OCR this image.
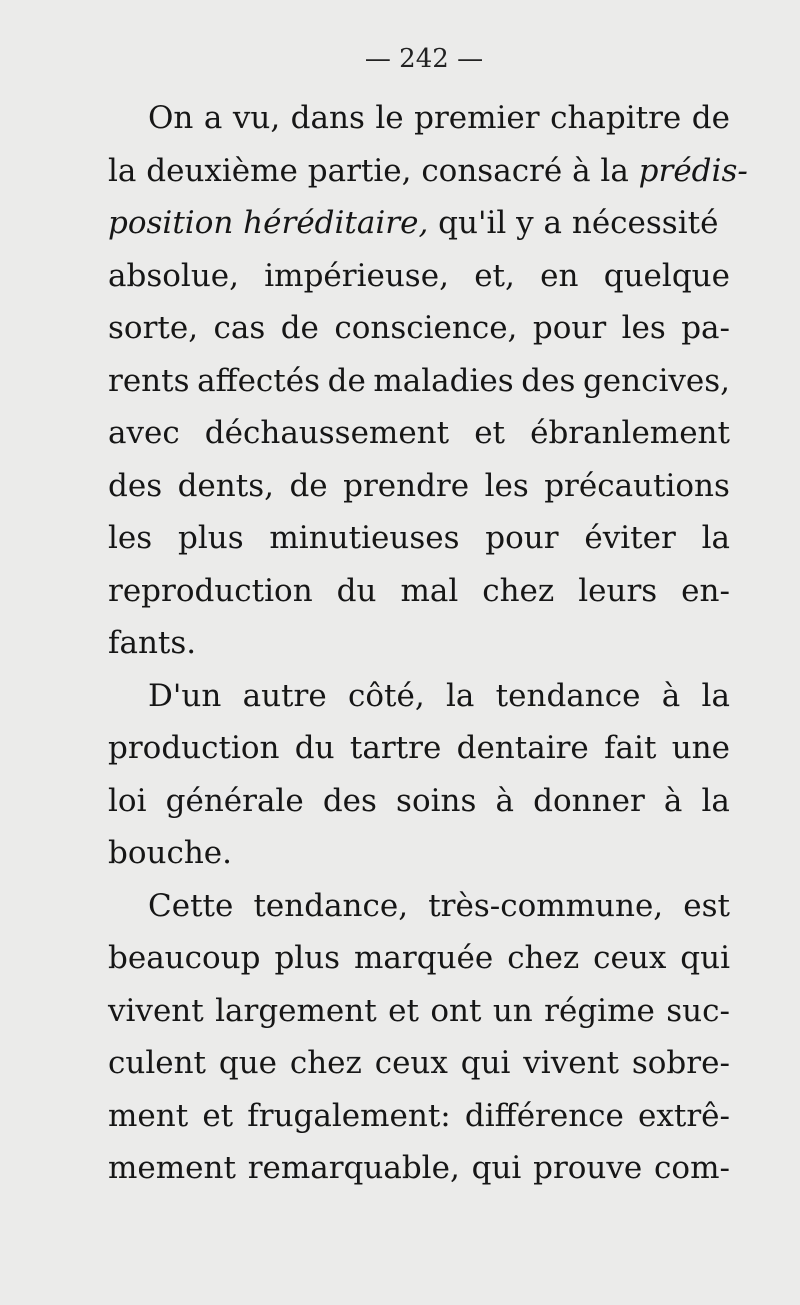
— 242 —
On a vu, dans le premier chapitre de
la deuxième partie, consacré à la prédis-
position héréditaire, qu'il y a nécessité
absolue, impérieuse, et, en quelque
sorte, cas de conscience, pour les pa-
rents affectés de maladies des gencives,
avec déchaussement et ébranlement
des dents, de prendre les précautions
les plus minutieuses pour éviter la
reproduction du mal chez leurs en-
fants.
D'un autre côté, la tendance à la
production du tartre dentaire fait une
loi générale des soins à donner à la
bouche.
Cette tendance, très-commune, est
beaucoup plus marquée chez ceux qui
vivent largement et ont un régime suc-
culent que chez ceux qui vivent sobre-
ment et frugalement: différence extrê-
mement remarquable, qui prouve com-
